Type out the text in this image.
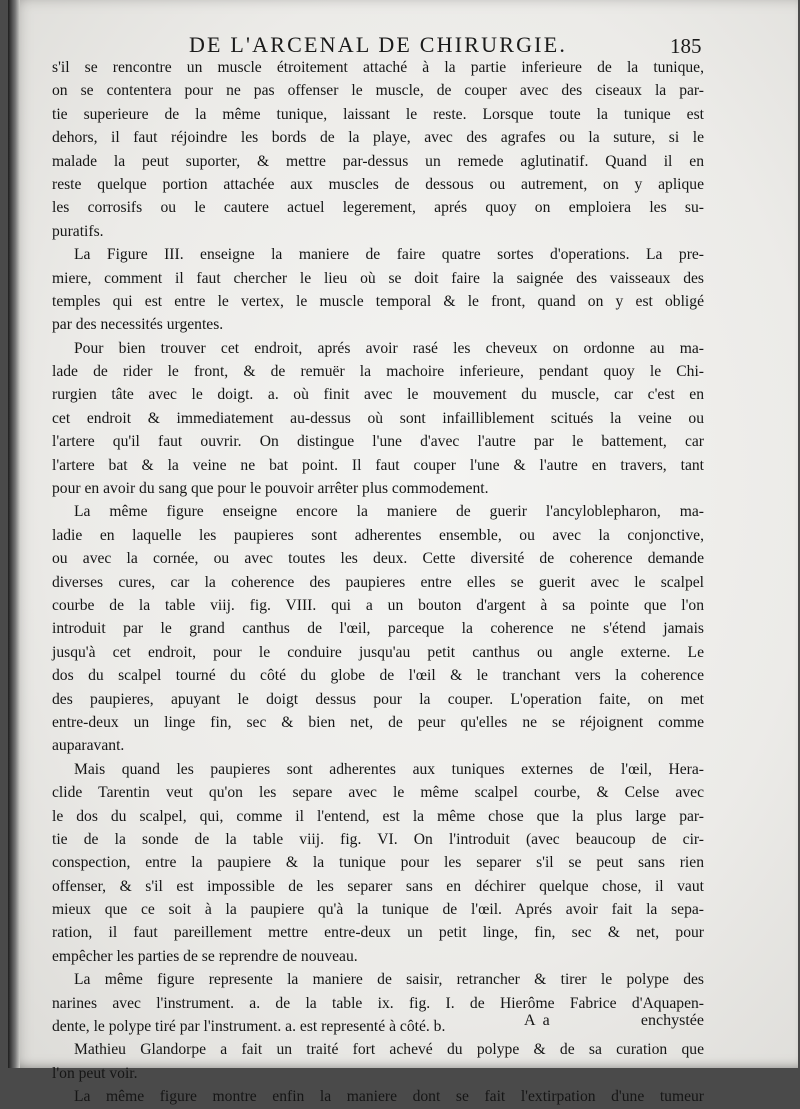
DE L'ARCENAL DE CHIRURGIE.	185
s'il se rencontre un muscle étroitement attaché à la partie inferieure de la tunique,
on se contentera pour ne pas offenser le muscle, de couper avec des ciseaux la par-
tie superieure de la même tunique, laissant le reste. Lorsque toute la tunique est
dehors, il faut réjoindre les bords de la playe, avec des agrafes ou la suture, si le
malade la peut suporter, & mettre par-dessus un remede aglutinatif. Quand il en
reste quelque portion attachée aux muscles de dessous ou autrement, on y aplique
les corrosifs ou le cautere actuel legerement, aprés quoy on emploiera les su-
puratifs.
La Figure III. enseigne la maniere de faire quatre sortes d'operations. La pre-
miere, comment il faut chercher le lieu où se doit faire la saignée des vaisseaux des
temples qui est entre le vertex, le muscle temporal & le front, quand on y est obligé
par des necessités urgentes.
Pour bien trouver cet endroit, aprés avoir rasé les cheveux on ordonne au ma-
lade de rider le front, & de remuër la machoire inferieure, pendant quoy le Chi-
rurgien tâte avec le doigt. a. où finit avec le mouvement du muscle, car c'est en
cet endroit & immediatement au-dessus où sont infailliblement scitués la veine ou
l'artere qu'il faut ouvrir. On distingue l'une d'avec l'autre par le battement, car
l'artere bat & la veine ne bat point. Il faut couper l'une & l'autre en travers, tant
pour en avoir du sang que pour le pouvoir arrêter plus commodement.
La même figure enseigne encore la maniere de guerir l'ancyloblepharon, ma-
ladie en laquelle les paupieres sont adherentes ensemble, ou avec la conjonctive,
ou avec la cornée, ou avec toutes les deux. Cette diversité de coherence demande
diverses cures, car la coherence des paupieres entre elles se guerit avec le scalpel
courbe de la table viij. fig. VIII. qui a un bouton d'argent à sa pointe que l'on
introduit par le grand canthus de l'œil, parceque la coherence ne s'étend jamais
jusqu'à cet endroit, pour le conduire jusqu'au petit canthus ou angle externe. Le
dos du scalpel tourné du côté du globe de l'œil & le tranchant vers la coherence
des paupieres, apuyant le doigt dessus pour la couper. L'operation faite, on met
entre-deux un linge fin, sec & bien net, de peur qu'elles ne se réjoignent comme
auparavant.
Mais quand les paupieres sont adherentes aux tuniques externes de l'œil, Hera-
clide Tarentin veut qu'on les separe avec le même scalpel courbe, & Celse avec
le dos du scalpel, qui, comme il l'entend, est la même chose que la plus large par-
tie de la sonde de la table viij. fig. VI. On l'introduit (avec beaucoup de cir-
conspection, entre la paupiere & la tunique pour les separer s'il se peut sans rien
offenser, & s'il est impossible de les separer sans en déchirer quelque chose, il vaut
mieux que ce soit à la paupiere qu'à la tunique de l'œil. Aprés avoir fait la sepa-
ration, il faut pareillement mettre entre-deux un petit linge, fin, sec & net, pour
empêcher les parties de se reprendre de nouveau.
La même figure represente la maniere de saisir, retrancher & tirer le polype des
narines avec l'instrument. a. de la table ix. fig. I. de Hierôme Fabrice d'Aquapen-
dente, le polype tiré par l'instrument. a. est representé à côté. b.
Mathieu Glandorpe a fait un traité fort achevé du polype & de sa curation que
l'on peut voir.
La même figure montre enfin la maniere dont se fait l'extirpation d'une tumeur
A a	enchystée
